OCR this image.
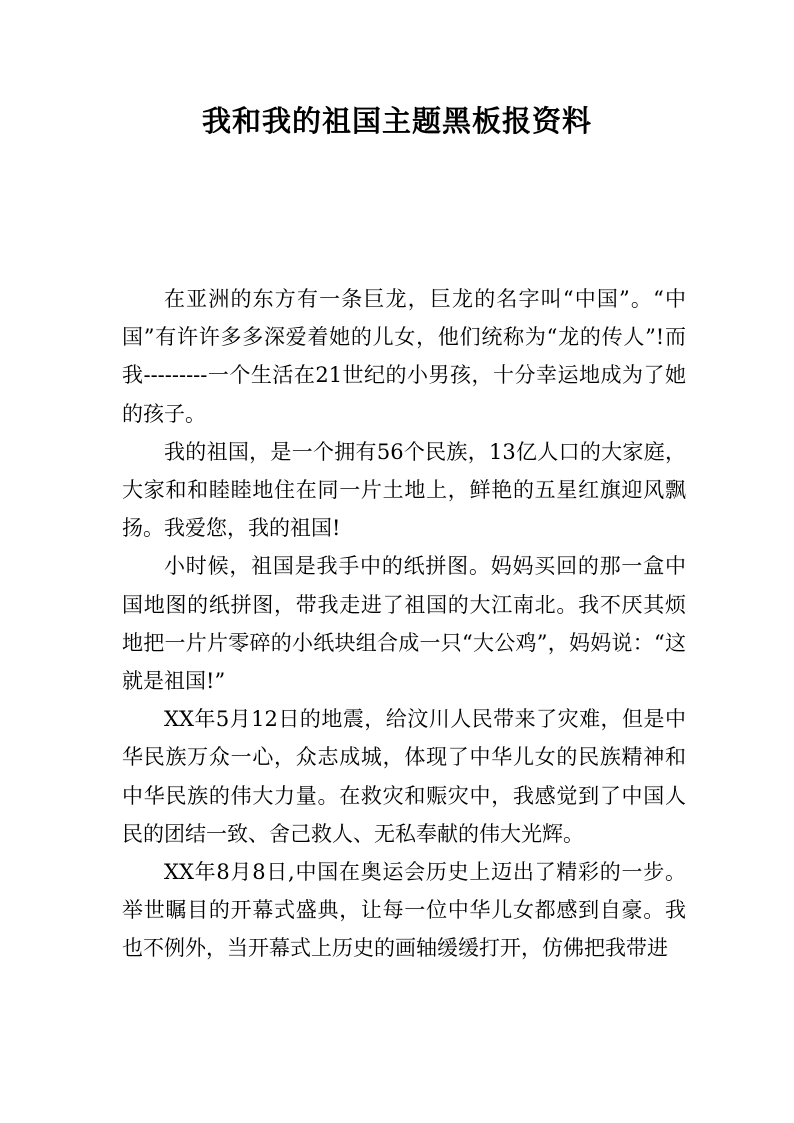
我和我的祖国主题黑板报资料

在亚洲的东方有一条巨龙，巨龙的名字叫“中国”。“中国”有许许多多深爱着她的儿女，他们统称为“龙的传人”!而我---------一个生活在21世纪的小男孩，十分幸运地成为了她的孩子。

我的祖国，是一个拥有56个民族，13亿人口的大家庭，大家和和睦睦地住在同一片土地上，鲜艳的五星红旗迎风飘扬。我爱您，我的祖国!

小时候，祖国是我手中的纸拼图。妈妈买回的那一盒中国地图的纸拼图，带我走进了祖国的大江南北。我不厌其烦地把一片片零碎的小纸块组合成一只“大公鸡”，妈妈说：“这就是祖国!”

XX年5月12日的地震，给汶川人民带来了灾难，但是中华民族万众一心，众志成城，体现了中华儿女的民族精神和中华民族的伟大力量。在救灾和赈灾中，我感觉到了中国人民的团结一致、舍己救人、无私奉献的伟大光辉。

XX年8月8日,中国在奥运会历史上迈出了精彩的一步。举世瞩目的开幕式盛典，让每一位中华儿女都感到自豪。我也不例外，当开幕式上历史的画轴缓缓打开，仿佛把我带进
